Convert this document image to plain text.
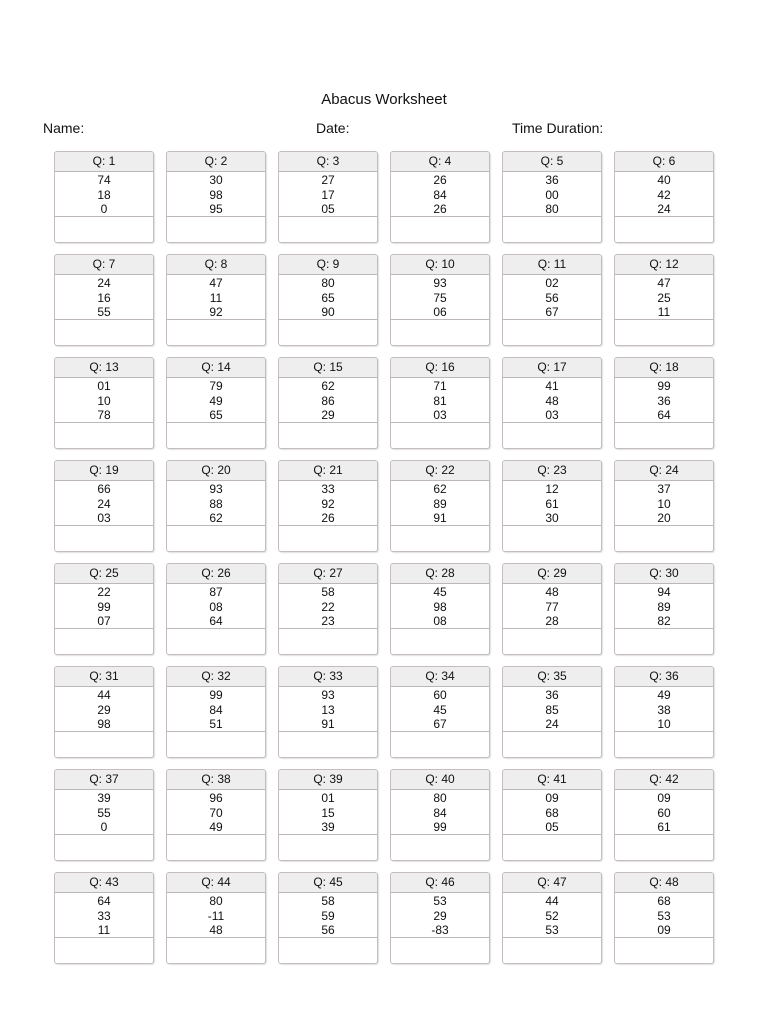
Abacus Worksheet
Name:	Date:	Time Duration:
Q: 1
74
18
0
Q: 2
30
98
95
Q: 3
27
17
05
Q: 4
26
84
26
Q: 5
36
00
80
Q: 6
40
42
24
Q: 7
24
16
55
Q: 8
47
11
92
Q: 9
80
65
90
Q: 10
93
75
06
Q: 11
02
56
67
Q: 12
47
25
11
Q: 13
01
10
78
Q: 14
79
49
65
Q: 15
62
86
29
Q: 16
71
81
03
Q: 17
41
48
03
Q: 18
99
36
64
Q: 19
66
24
03
Q: 20
93
88
62
Q: 21
33
92
26
Q: 22
62
89
91
Q: 23
12
61
30
Q: 24
37
10
20
Q: 25
22
99
07
Q: 26
87
08
64
Q: 27
58
22
23
Q: 28
45
98
08
Q: 29
48
77
28
Q: 30
94
89
82
Q: 31
44
29
98
Q: 32
99
84
51
Q: 33
93
13
91
Q: 34
60
45
67
Q: 35
36
85
24
Q: 36
49
38
10
Q: 37
39
55
0
Q: 38
96
70
49
Q: 39
01
15
39
Q: 40
80
84
99
Q: 41
09
68
05
Q: 42
09
60
61
Q: 43
64
33
11
Q: 44
80
-11
48
Q: 45
58
59
56
Q: 46
53
29
-83
Q: 47
44
52
53
Q: 48
68
53
09
